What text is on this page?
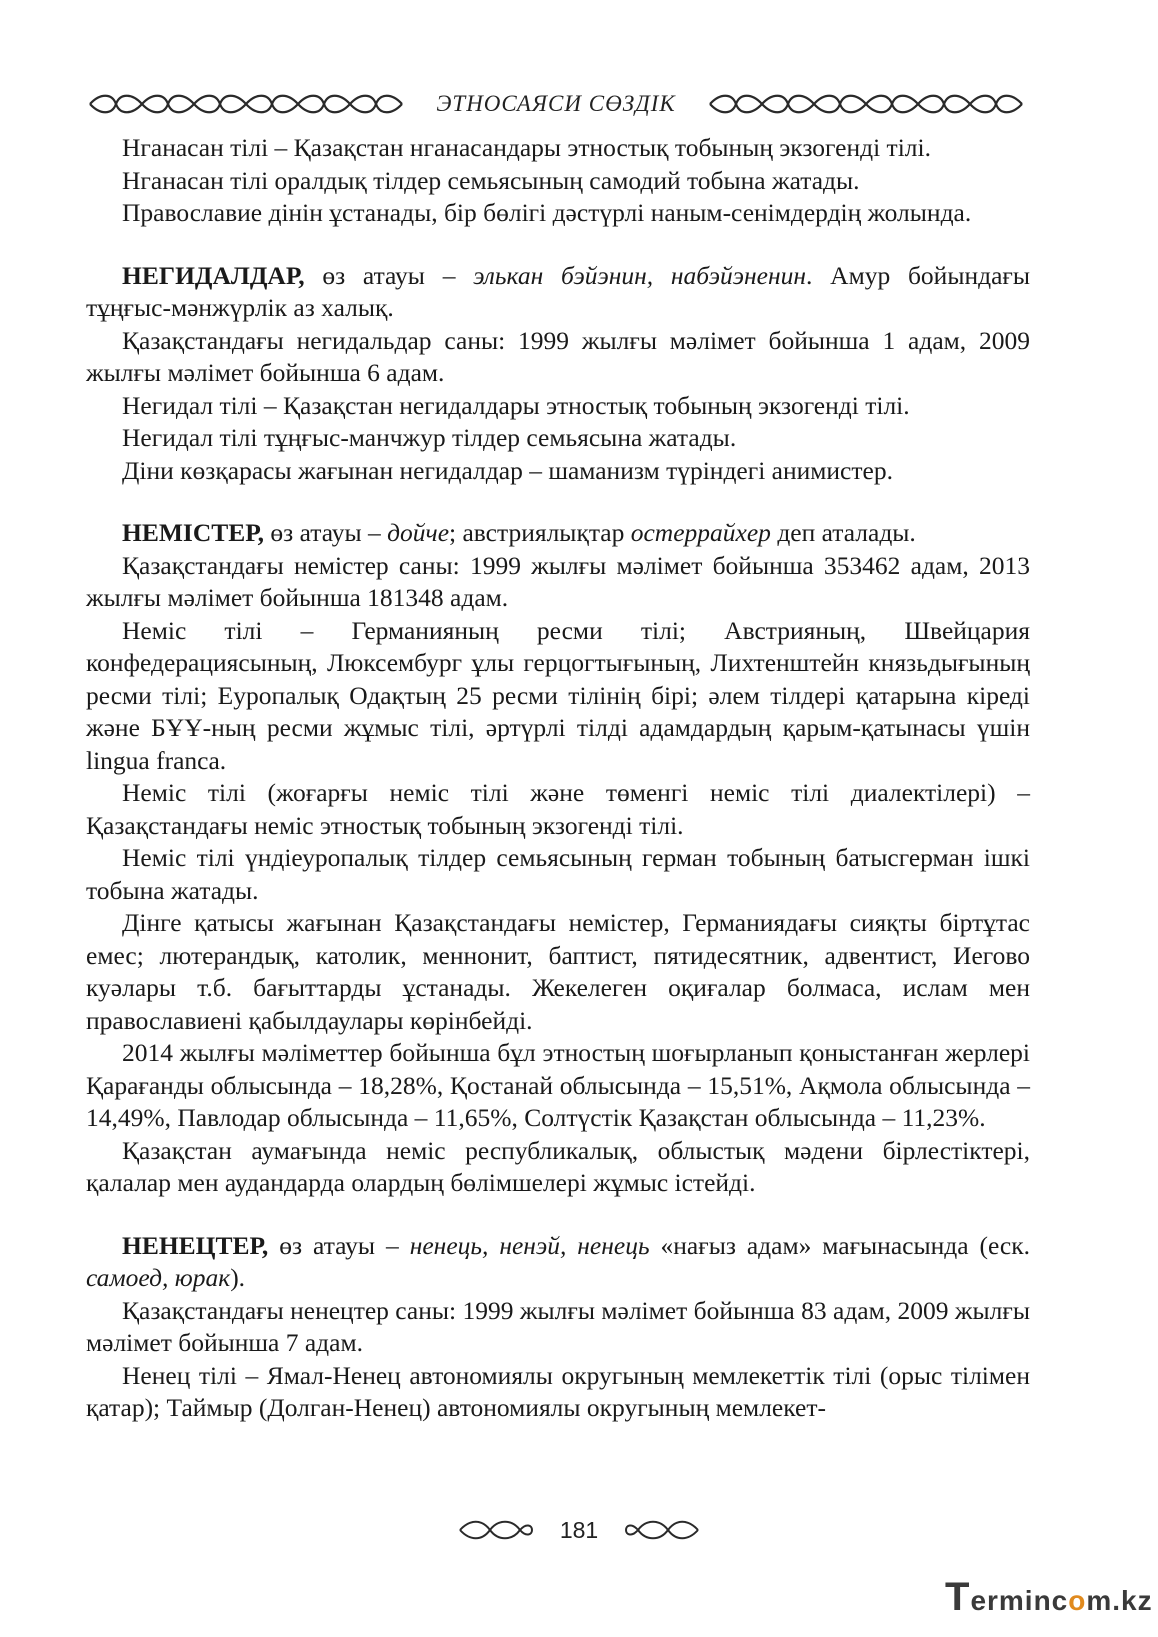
ЭТНОСАЯСИ СӨЗДІК

Нганасан тілі – Қазақстан нганасандары этностық тобының экзогенді тілі.

Нганасан тілі оралдық тілдер семьясының самодий тобына жатады.

Православие дінін ұстанады, бір бөлігі дәстүрлі наным-сенімдердің жолында.

НЕГИДАЛДАР, өз атауы – элькан бэйэнин, набэйэненин. Амур бойындағы тұңғыс-мәнжүрлік аз халық.

Қазақстандағы негидальдар саны: 1999 жылғы мәлімет бойынша 1 адам, 2009 жылғы мәлімет бойынша 6 адам.

Негидал тілі – Қазақстан негидалдары этностық тобының экзогенді тілі.

Негидал тілі тұңғыс-манчжур тілдер семьясына жатады.

Діни көзқарасы жағынан негидалдар – шаманизм түріндегі анимистер.

НЕМІСТЕР, өз атауы – дойче; австриялықтар остеррайхер деп аталады.

Қазақстандағы немістер саны: 1999 жылғы мәлімет бойынша 353462 адам, 2013 жылғы мәлімет бойынша 181348 адам.

Неміс тілі – Германияның ресми тілі; Австрияның, Швейцария конфедерациясының, Люксембург ұлы герцогтығының, Лихтенштейн князьдығының ресми тілі; Еуропалық Одақтың 25 ресми тілінің бірі; әлем тілдері қатарына кіреді және БҰҰ-ның ресми жұмыс тілі, әртүрлі тілді адамдардың қарым-қатынасы үшін lingua franca.

Неміс тілі (жоғарғы неміс тілі және төменгі неміс тілі диалектілері) – Қазақстандағы неміс этностық тобының экзогенді тілі.

Неміс тілі үндіеуропалық тілдер семьясының герман тобының батысгерман ішкі тобына жатады.

Дінге қатысы жағынан Қазақстандағы немістер, Германиядағы сияқты біртұтас емес; лютерандық, католик, меннонит, баптист, пятидесятник, адвентист, Иегово куәлары т.б. бағыттарды ұстанады. Жекелеген оқиғалар болмаса, ислам мен православиені қабылдаулары көрінбейді.

2014 жылғы мәліметтер бойынша бұл этностың шоғырланып қоныстанған жерлері Қарағанды облысында – 18,28%, Қостанай облысында – 15,51%, Ақмола облысында – 14,49%, Павлодар облысында – 11,65%, Солтүстік Қазақстан облысында – 11,23%.

Қазақстан аумағында неміс республикалық, облыстық мәдени бірлестіктері, қалалар мен аудандарда олардың бөлімшелері жұмыс істейді.

НЕНЕЦТЕР, өз атауы – ненець, ненэй, ненець «нағыз адам» мағынасында (еск. самоед, юрак).

Қазақстандағы ненецтер саны: 1999 жылғы мәлімет бойынша 83 адам, 2009 жылғы мәлімет бойынша 7 адам.

Ненец тілі – Ямал-Ненец автономиялы округының мемлекеттік тілі (орыс тілімен қатар); Таймыр (Долган-Ненец) автономиялы округының мемлекет-

181
Termincоm.kz
